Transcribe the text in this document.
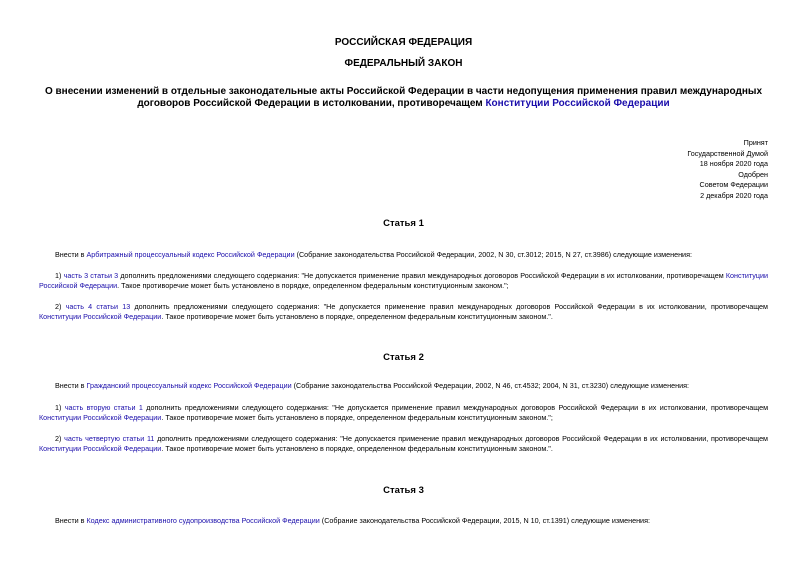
РОССИЙСКАЯ ФЕДЕРАЦИЯ
ФЕДЕРАЛЬНЫЙ ЗАКОН
О внесении изменений в отдельные законодательные акты Российской Федерации в части недопущения применения правил международных договоров Российской Федерации в истолковании, противоречащем Конституции Российской Федерации
Принят
Государственной Думой
18 ноября 2020 года
Одобрен
Советом Федерации
2 декабря 2020 года
Статья 1
Внести в Арбитражный процессуальный кодекс Российской Федерации (Собрание законодательства Российской Федерации, 2002, N 30, ст.3012; 2015, N 27, ст.3986) следующие изменения:
1) часть 3 статьи 3 дополнить предложениями следующего содержания: "Не допускается применение правил международных договоров Российской Федерации в их истолковании, противоречащем Конституции Российской Федерации. Такое противоречие может быть установлено в порядке, определенном федеральным конституционным законом.";
2) часть 4 статьи 13 дополнить предложениями следующего содержания: "Не допускается применение правил международных договоров Российской Федерации в их истолковании, противоречащем Конституции Российской Федерации. Такое противоречие может быть установлено в порядке, определенном федеральным конституционным законом.".
Статья 2
Внести в Гражданский процессуальный кодекс Российской Федерации (Собрание законодательства Российской Федерации, 2002, N 46, ст.4532; 2004, N 31, ст.3230) следующие изменения:
1) часть вторую статьи 1 дополнить предложениями следующего содержания: "Не допускается применение правил международных договоров Российской Федерации в их истолковании, противоречащем Конституции Российской Федерации. Такое противоречие может быть установлено в порядке, определенном федеральным конституционным законом.";
2) часть четвертую статьи 11 дополнить предложениями следующего содержания: "Не допускается применение правил международных договоров Российской Федерации в их истолковании, противоречащем Конституции Российской Федерации. Такое противоречие может быть установлено в порядке, определенном федеральным конституционным законом.".
Статья 3
Внести в Кодекс административного судопроизводства Российской Федерации (Собрание законодательства Российской Федерации, 2015, N 10, ст.1391) следующие изменения:
